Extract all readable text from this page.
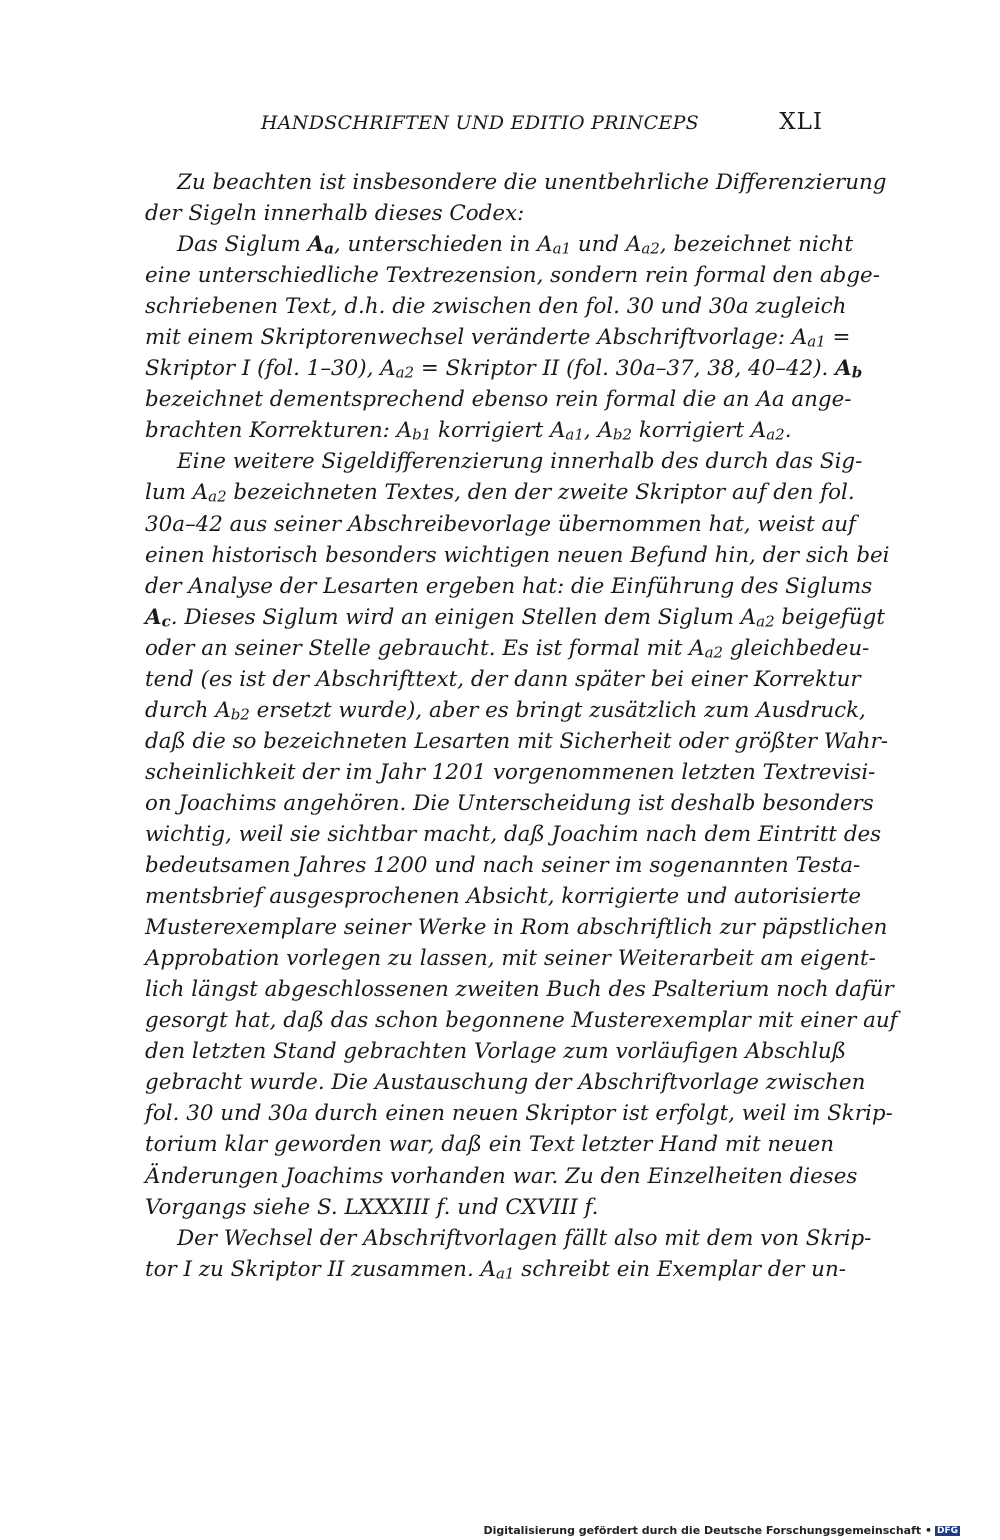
HANDSCHRIFTEN UND EDITIO PRINCEPS	XLI
Zu beachten ist insbesondere die unentbehrliche Differenzierung
der Sigeln innerhalb dieses Codex:
Das Siglum Aa, unterschieden in Aa1 und Aa2, bezeichnet nicht
eine unterschiedliche Textrezension, sondern rein formal den abge-
schriebenen Text, d.h. die zwischen den fol. 30 und 30a zugleich
mit einem Skriptorenwechsel veränderte Abschriftvorlage: Aa1 =
Skriptor I (fol. 1–30), Aa2 = Skriptor II (fol. 30a–37, 38, 40–42). Ab
bezeichnet dementsprechend ebenso rein formal die an Aa ange-
brachten Korrekturen: Ab1 korrigiert Aa1, Ab2 korrigiert Aa2.
Eine weitere Sigeldifferenzierung innerhalb des durch das Sig-
lum Aa2 bezeichneten Textes, den der zweite Skriptor auf den fol.
30a–42 aus seiner Abschreibevorlage übernommen hat, weist auf
einen historisch besonders wichtigen neuen Befund hin, der sich bei
der Analyse der Lesarten ergeben hat: die Einführung des Siglums
Ac. Dieses Siglum wird an einigen Stellen dem Siglum Aa2 beigefügt
oder an seiner Stelle gebraucht. Es ist formal mit Aa2 gleichbedeu-
tend (es ist der Abschrifttext, der dann später bei einer Korrektur
durch Ab2 ersetzt wurde), aber es bringt zusätzlich zum Ausdruck,
daß die so bezeichneten Lesarten mit Sicherheit oder größter Wahr-
scheinlichkeit der im Jahr 1201 vorgenommenen letzten Textrevisi-
on Joachims angehören. Die Unterscheidung ist deshalb besonders
wichtig, weil sie sichtbar macht, daß Joachim nach dem Eintritt des
bedeutsamen Jahres 1200 und nach seiner im sogenannten Testa-
mentsbrief ausgesprochenen Absicht, korrigierte und autorisierte
Musterexemplare seiner Werke in Rom abschriftlich zur päpstlichen
Approbation vorlegen zu lassen, mit seiner Weiterarbeit am eigent-
lich längst abgeschlossenen zweiten Buch des Psalterium noch dafür
gesorgt hat, daß das schon begonnene Musterexemplar mit einer auf
den letzten Stand gebrachten Vorlage zum vorläufigen Abschluß
gebracht wurde. Die Austauschung der Abschriftvorlage zwischen
fol. 30 und 30a durch einen neuen Skriptor ist erfolgt, weil im Skrip-
torium klar geworden war, daß ein Text letzter Hand mit neuen
Änderungen Joachims vorhanden war. Zu den Einzelheiten dieses
Vorgangs siehe S. LXXXIII f. und CXVIII f.
Der Wechsel der Abschriftvorlagen fällt also mit dem von Skrip-
tor I zu Skriptor II zusammen. Aa1 schreibt ein Exemplar der un-
Digitalisierung gefördert durch die Deutsche Forschungsgemeinschaft • DFG
